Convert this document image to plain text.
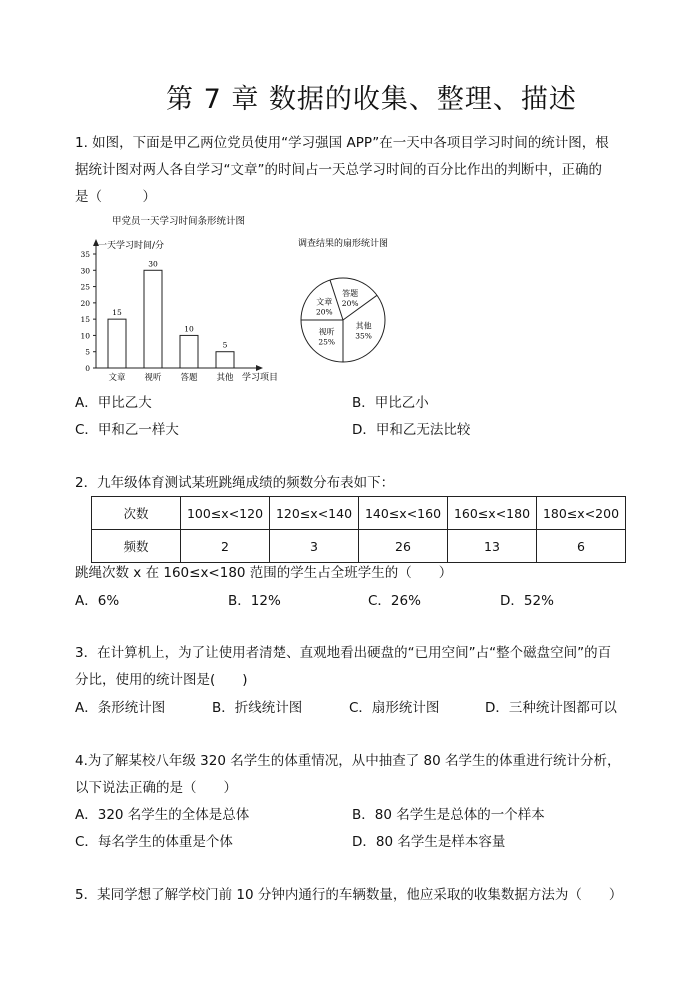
第 7 章 数据的收集、整理、描述
1. 如图，下面是甲乙两位党员使用“学习强国 APP”在一天中各项目学习时间的统计图，根
据统计图对两人各自学习“文章”的时间占一天总学习时间的百分比作出的判断中，正确的
是（　　　）
甲党员一天学习时间条形统计图
一天学习时间/分
学习项目
0
5
10
15
20
25
30
35
15
文章
30
视听
10
答题
5
其他
调查结果的扇形统计图
文章
20%
答题
20%
其他
35%
视听
25%
A．甲比乙大	B．甲比乙小
C．甲和乙一样大	D．甲和乙无法比较
2．九年级体育测试某班跳绳成绩的频数分布表如下：
次数	100≤x<120	120≤x<140	140≤x<160	160≤x<180	180≤x<200
频数	2	3	26	13	6
跳绳次数 x 在 160≤x<180 范围的学生占全班学生的（　　）
A．6%	B．12%	C．26%	D．52%
3．在计算机上，为了让使用者清楚、直观地看出硬盘的“已用空间”占“整个磁盘空间”的百
分比，使用的统计图是(　　)
A．条形统计图	B．折线统计图	C．扇形统计图	D．三种统计图都可以
4.为了解某校八年级 320 名学生的体重情况，从中抽查了 80 名学生的体重进行统计分析，
以下说法正确的是（　　）
A．320 名学生的全体是总体	B．80 名学生是总体的一个样本
C．每名学生的体重是个体	D．80 名学生是样本容量
5．某同学想了解学校门前 10 分钟内通行的车辆数量，他应采取的收集数据方法为（　　）
